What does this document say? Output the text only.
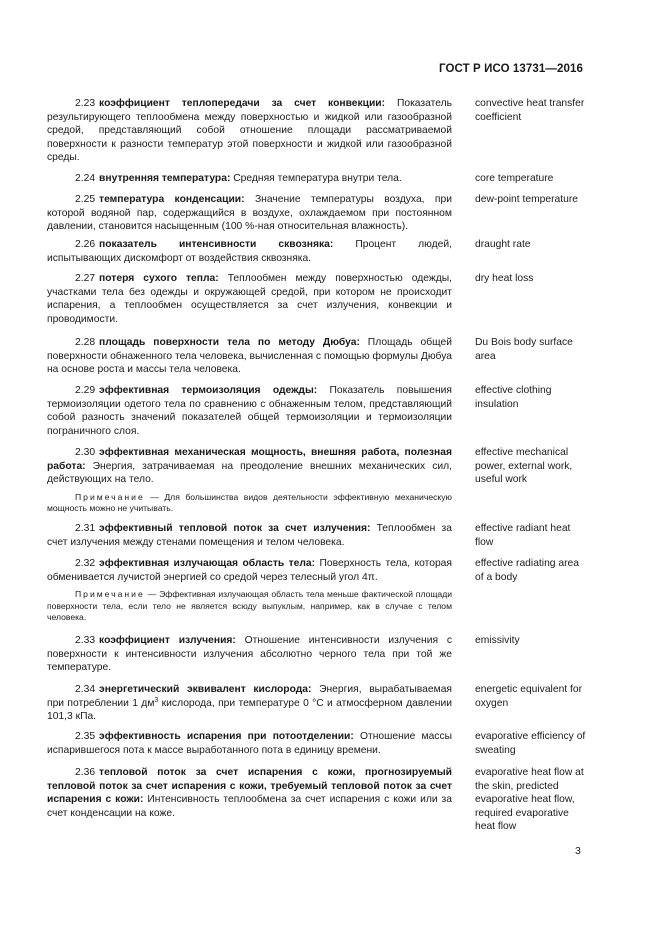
ГОСТ Р ИСО 13731—2016

2.23 коэффициент теплопередачи за счет конвекции: Показатель результирующего теплообмена между поверхностью и жидкой или газообразной средой, представляющий собой отношение площади рассматриваемой поверхности к разности температур этой поверхности и жидкой или газообразной среды.

convective heat transfer coefficient

2.24 внутренняя температура: Средняя температура внутри тела.	core temperature

2.25 температура конденсации: Значение температуры воздуха, при которой водяной пар, содержащийся в воздухе, охлаждаемом при постоянном давлении, становится насыщенным (100 %-ная относительная влажность).

dew-point temperature

2.26 показатель интенсивности сквозняка: Процент людей, испытывающих дискомфорт от воздействия сквозняка.

draught rate

2.27 потеря сухого тепла: Теплообмен между поверхностью одежды, участками тела без одежды и окружающей средой, при котором не происходит испарения, а теплообмен осуществляется за счет излучения, конвекции и проводимости.

dry heat loss

2.28 площадь поверхности тела по методу Дюбуа: Площадь общей поверхности обнаженного тела человека, вычисленная с помощью формулы Дюбуа на основе роста и массы тела человека.

Du Bois body surface area

2.29 эффективная термоизоляция одежды: Показатель повышения термоизоляции одетого тела по сравнению с обнаженным телом, представляющий собой разность значений показателей общей термоизоляции и термоизоляции пограничного слоя.

effective clothing insulation

2.30 эффективная механическая мощность, внешняя работа, полезная работа: Энергия, затрачиваемая на преодоление внешних механических сил, действующих на тело.

Примечание — Для большинства видов деятельности эффективную механическую мощность можно не учитывать.
effective mechanical power, external work, useful work

2.31 эффективный тепловой поток за счет излучения: Теплообмен за счет излучения между стенами помещения и телом человека.

effective radiant heat flow

2.32 эффективная излучающая область тела: Поверхность тела, которая обменивается лучистой энергией со средой через телесный угол 4π.

Примечание — Эффективная излучающая область тела меньше фактической площади поверхности тела, если тело не является всюду выпуклым, например, как в случае с телом человека.
effective radiating area of a body

2.33 коэффициент излучения: Отношение интенсивности излучения с поверхности к интенсивности излучения абсолютно черного тела при той же температуре.

emissivity

2.34 энергетический эквивалент кислорода: Энергия, вырабатываемая при потреблении 1 $дм^3$ кислорода, при температуре 0 °C и атмосферном давлении 101,3 кПа.

energetic equivalent for oxygen

2.35 эффективность испарения при потоотделении: Отношение массы испарившегося пота к массе выработанного пота в единицу времени.

evaporative efficiency of sweating

2.36 тепловой поток за счет испарения с кожи, прогнозируемый тепловой поток за счет испарения с кожи, требуемый тепловой поток за счет испарения с кожи: Интенсивность теплообмена за счет испарения с кожи или за счет конденсации на коже.

evaporative heat flow at the skin, predicted evaporative heat flow, required evaporative heat flow
3
